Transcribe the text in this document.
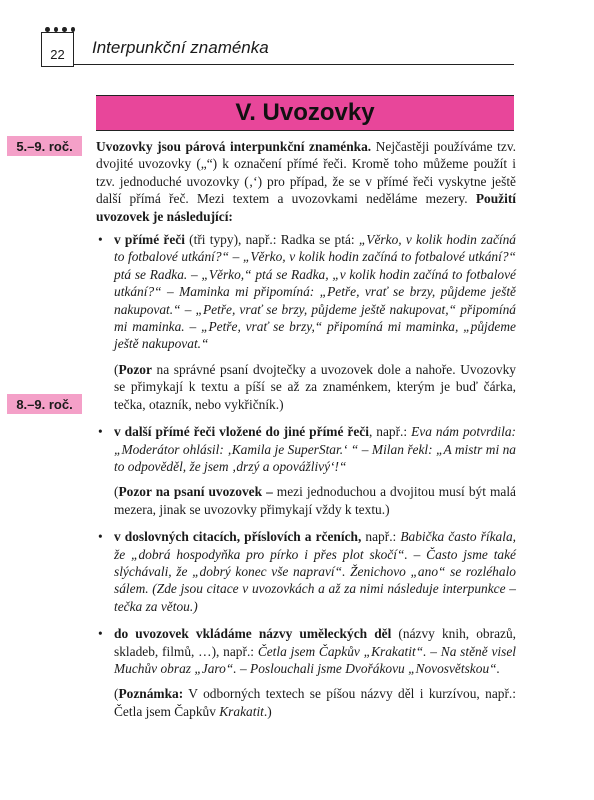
22 Interpunkční znaménka
V. Uvozovky
5.–9. roč.
8.–9. roč.

Uvozovky jsou párová interpunkční znaménka. Nejčastěji používáme tzv. dvojité uvozovky („“) k označení přímé řeči. Kromě toho můžeme použít i tzv. jednoduché uvozovky (‚‘) pro případ, že se v přímé řeči vyskytne ještě další přímá řeč. Mezi textem a uvozovkami neděláme mezery. Použití uvozovek je následující:

• v přímé řeči (tři typy), např.: Radka se ptá: „Věrko, v kolik hodin začíná to fotbalové utkání?“ – „Věrko, v kolik hodin začíná to fotbalové utkání?“ ptá se Radka. – „Věrko,“ ptá se Radka, „v kolik hodin začíná to fotbalové utkání?“ – Maminka mi připomíná: „Petře, vrať se brzy, půjdeme ještě nakupovat.“ – „Petře, vrať se brzy, půjdeme ještě nakupovat,“ připomíná mi maminka. – „Petře, vrať se brzy,“ připomíná mi maminka, „půjdeme ještě nakupovat.“

(Pozor na správné psaní dvojtečky a uvozovek dole a nahoře. Uvozovky se přimykají k textu a píší se až za znaménkem, kterým je buď čárka, tečka, otazník, nebo vykřičník.)

• v další přímé řeči vložené do jiné přímé řeči, např.: Eva nám potvrdila: „Moderátor ohlásil: ‚Kamila je SuperStar.‘ “ – Milan řekl: „A mistr mi na to odpověděl, že jsem ‚drzý a opovážlivý‘!“

(Pozor na psaní uvozovek – mezi jednoduchou a dvojitou musí být malá mezera, jinak se uvozovky přimykají vždy k textu.)

• v doslovných citacích, příslovích a rčeních, např.: Babička často říkala, že „dobrá hospodyňka pro pírko i přes plot skočí“. – Často jsme také slýchávali, že „dobrý konec vše napraví“. Ženichovo „ano“ se rozléhalo sálem. (Zde jsou citace v uvozovkách a až za nimi následuje interpunkce – tečka za větou.)

• do uvozovek vkládáme názvy uměleckých děl (názvy knih, obrazů, skladeb, filmů, …), např.: Četla jsem Čapkův „Krakatit“. – Na stěně visel Muchův obraz „Jaro“. – Poslouchali jsme Dvořákovu „Novosvětskou“.

(Poznámka: V odborných textech se píšou názvy děl i kurzívou, např.: Četla jsem Čapkův Krakatit.)
